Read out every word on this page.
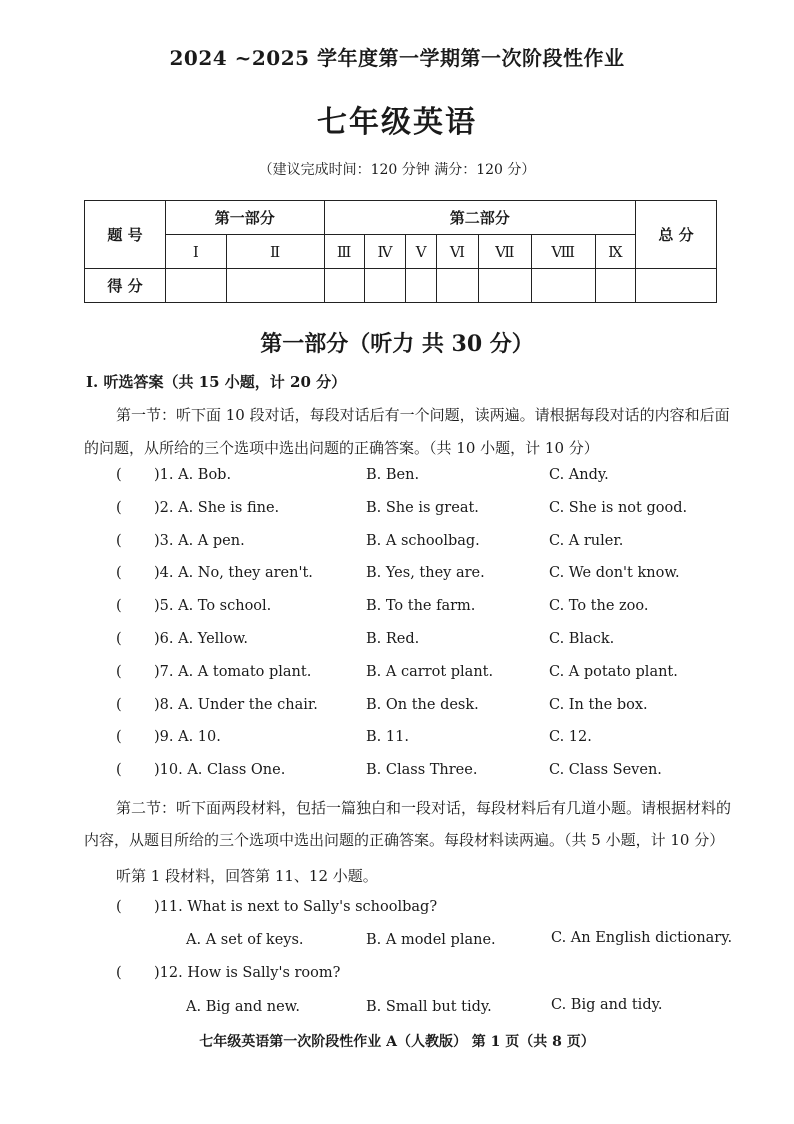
2024 ~2025 学年度第一学期第一次阶段性作业
七年级英语
（建议完成时间：120 分钟 满分：120 分）
题 号	第一部分		第二部分							总 分
	Ⅰ	Ⅱ	Ⅲ	Ⅳ	Ⅴ	Ⅵ	Ⅶ	Ⅷ	Ⅸ	
得 分										
第一部分（听力 共 30 分）
Ⅰ. 听选答案（共 15 小题，计 20 分）
第一节：听下面 10 段对话，每段对话后有一个问题，读两遍。请根据每段对话的内容和后面
的问题，从所给的三个选项中选出问题的正确答案。（共 10 小题，计 10 分）
( )1. A. Bob.	B. Ben.	C. Andy.
( )2. A. She is fine.	B. She is great.	C. She is not good.
( )3. A. A pen.	B. A schoolbag.	C. A ruler.
( )4. A. No, they aren't.	B. Yes, they are.	C. We don't know.
( )5. A. To school.	B. To the farm.	C. To the zoo.
( )6. A. Yellow.	B. Red.	C. Black.
( )7. A. A tomato plant.	B. A carrot plant.	C. A potato plant.
( )8. A. Under the chair.	B. On the desk.	C. In the box.
( )9. A. 10.	B. 11.	C. 12.
( )10. A. Class One.	B. Class Three.	C. Class Seven.
第二节：听下面两段材料，包括一篇独白和一段对话，每段材料后有几道小题。请根据材料的
内容，从题目所给的三个选项中选出问题的正确答案。每段材料读两遍。（共 5 小题，计 10 分）
听第 1 段材料，回答第 11、12 小题。
( )11. What is next to Sally's schoolbag?
A. A set of keys.	B. A model plane.	C. An English dictionary.
( )12. How is Sally's room?
A. Big and new.	B. Small but tidy.	C. Big and tidy.
七年级英语第一次阶段性作业 A（人教版） 第 1 页（共 8 页）
